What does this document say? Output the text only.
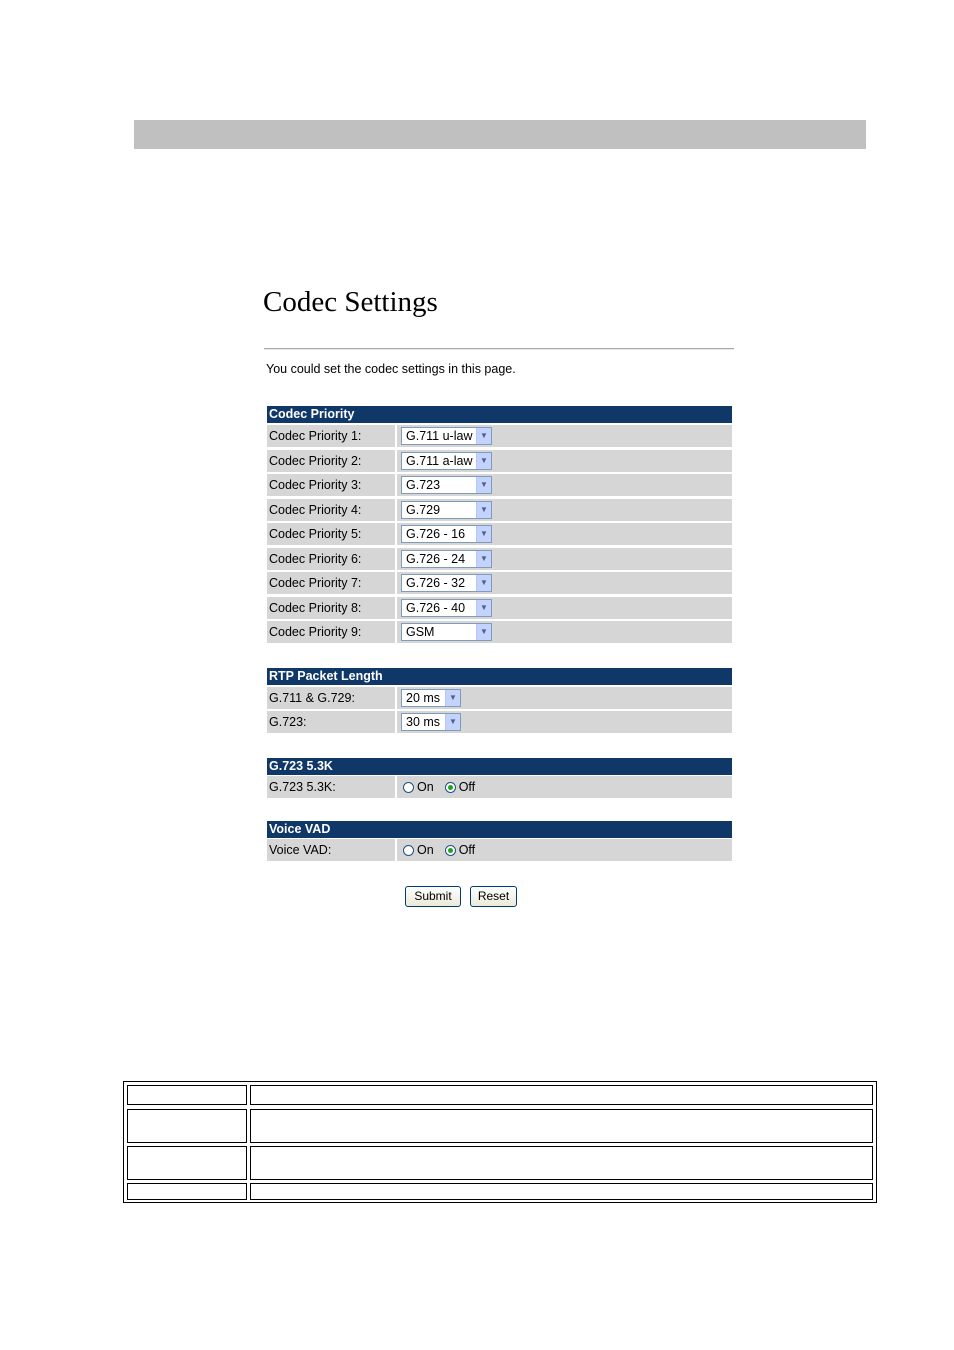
Codec Settings
You could set the codec settings in this page.
Codec Priority
Codec Priority 1:	G.711 u-law ▼
Codec Priority 2:	G.711 a-law ▼
Codec Priority 3:	G.723	▼
Codec Priority 4:	G.729	▼
Codec Priority 5:	G.726 - 16 ▼
Codec Priority 6:	G.726 - 24 ▼
Codec Priority 7:	G.726 - 32 ▼
Codec Priority 8:	G.726 - 40 ▼
Codec Priority 9:	GSM	▼
RTP Packet Length
G.711 & G.729:	20 ms ▼
G.723:	30 ms ▼
G.723 5.3K
G.723 5.3K:	On Off
Voice VAD
Voice VAD:	On Off
Submit	Reset
